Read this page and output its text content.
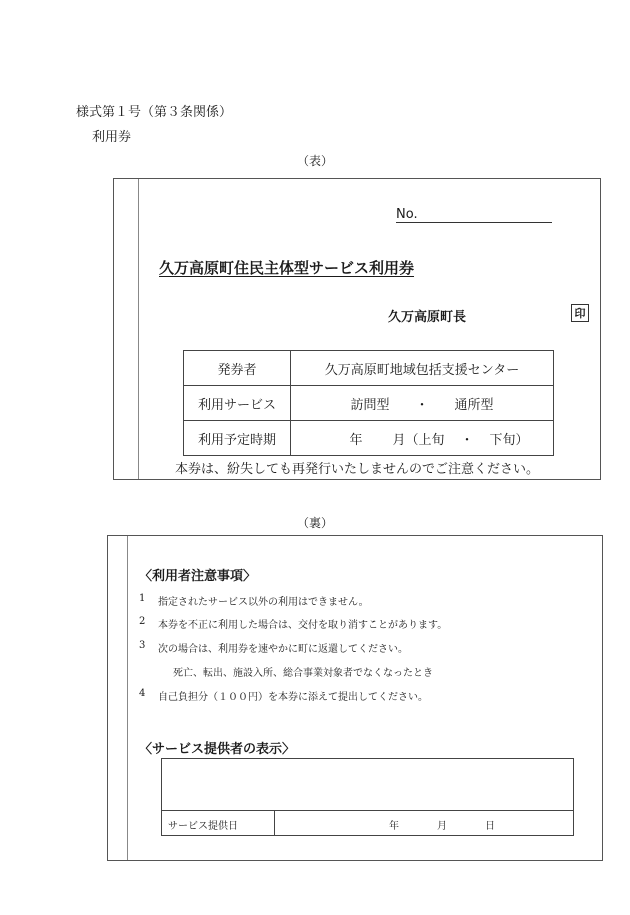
様式第１号（第３条関係）
利用券
（表）
No.
久万高原町住民主体型サービス利用券
久万高原町長	印
発券者	久万高原町地域包括支援センター
利用サービス	訪問型 ・ 通所型
利用予定時期	年 月（上旬 ・ 下旬）
本券は、紛失しても再発行いたしませんのでご注意ください。
（裏）
〈利用者注意事項〉
1 指定されたサービス以外の利用はできません。
2 本券を不正に利用した場合は、交付を取り消すことがあります。
3 次の場合は、利用券を速やかに町に返還してください。
死亡、転出、施設入所、総合事業対象者でなくなったとき
4 自己負担分（１００円）を本券に添えて提出してください。
〈サービス提供者の表示〉
サービス提供日	年	月	日
